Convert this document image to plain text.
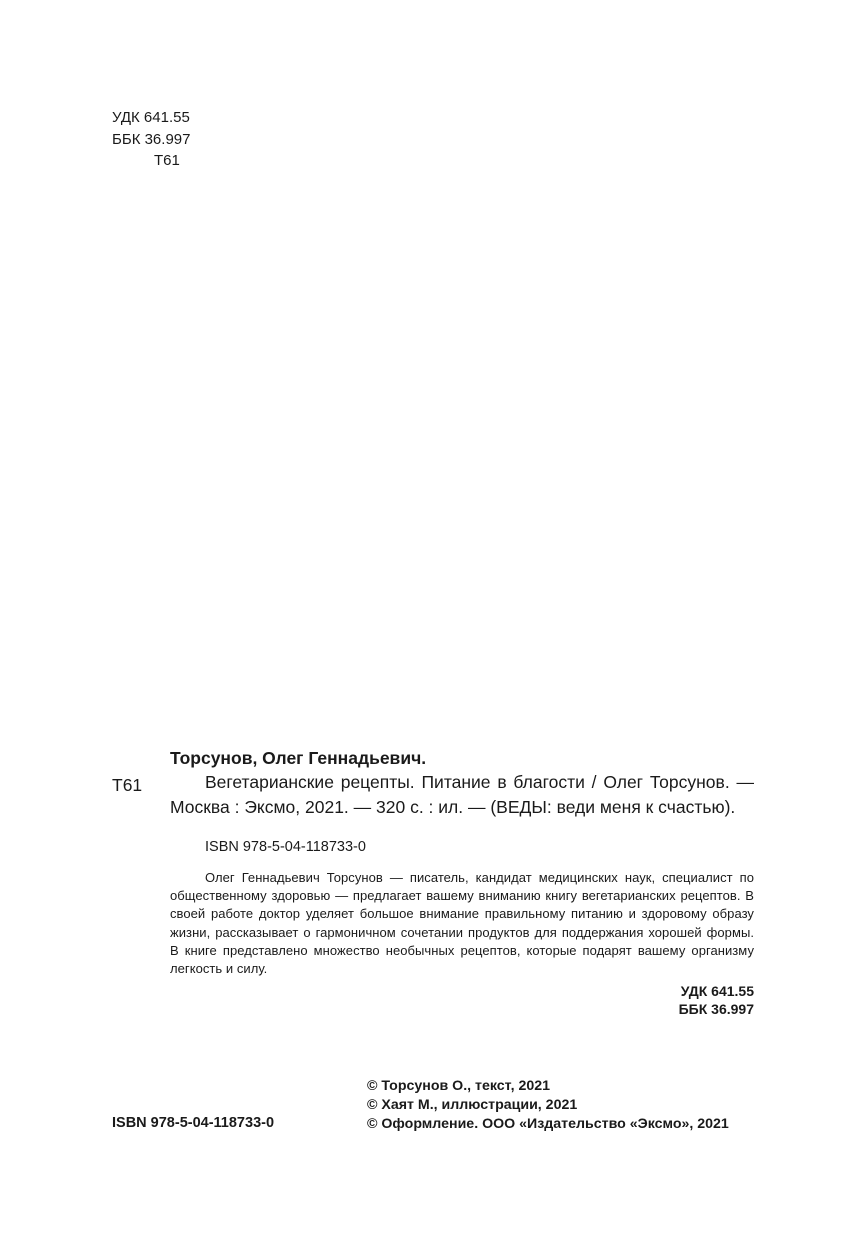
УДК 641.55
ББК 36.997
Т61
Т61

Торсунов, Олег Геннадьевич.

Вегетарианские рецепты. Питание в благости / Олег Торсунов. — Москва : Эксмо, 2021. — 320 с. : ил. — (ВЕДЫ: веди меня к счастью).

ISBN 978-5-04-118733-0

Олег Геннадьевич Торсунов — писатель, кандидат медицинских наук, специалист по общественному здоровью — предлагает вашему вниманию книгу вегетарианских рецептов. В своей работе доктор уделяет большое внимание правильному питанию и здоровому образу жизни, рассказывает о гармоничном сочетании продуктов для поддержания хорошей формы. В книге представлено множество необычных рецептов, которые подарят вашему организму легкость и силу.

УДК 641.55
ББК 36.997
ISBN 978-5-04-118733-0
© Торсунов О., текст, 2021
© Хаят М., иллюстрации, 2021
© Оформление. ООО «Издательство «Эксмо», 2021
